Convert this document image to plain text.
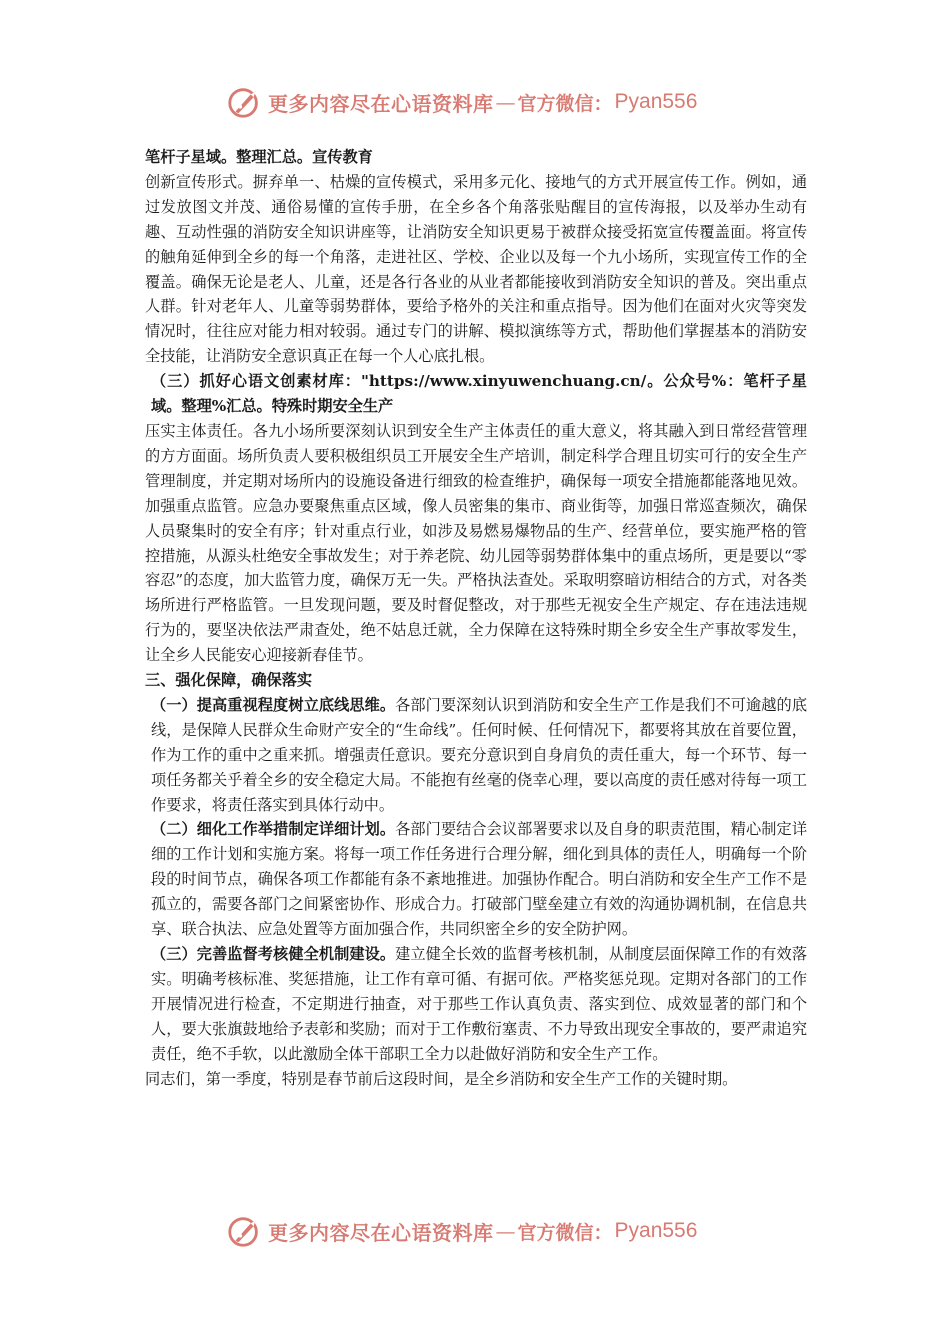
更多内容尽在心语资料库 — 官方微信： Pyan556

笔杆子星域。整理汇总。宣传教育

创新宣传形式。摒弃单一、枯燥的宣传模式，采用多元化、接地气的方式开展宣传工作。例如，通过发放图文并茂、通俗易懂的宣传手册，在全乡各个角落张贴醒目的宣传海报，以及举办生动有趣、互动性强的消防安全知识讲座等，让消防安全知识更易于被群众接受拓宽宣传覆盖面。将宣传的触角延伸到全乡的每一个角落，走进社区、学校、企业以及每一个九小场所，实现宣传工作的全覆盖。确保无论是老人、儿童，还是各行各业的从业者都能接收到消防安全知识的普及。突出重点人群。针对老年人、儿童等弱势群体，要给予格外的关注和重点指导。因为他们在面对火灾等突发情况时，往往应对能力相对较弱。通过专门的讲解、模拟演练等方式，帮助他们掌握基本的消防安全技能，让消防安全意识真正在每一个人心底扎根。

（三）抓好心语文创素材库："https://www.xinyuwenchuang.cn/。公众号%：笔杆子星域。整理%汇总。特殊时期安全生产

压实主体责任。各九小场所要深刻认识到安全生产主体责任的重大意义，将其融入到日常经营管理的方方面面。场所负责人要积极组织员工开展安全生产培训，制定科学合理且切实可行的安全生产管理制度，并定期对场所内的设施设备进行细致的检查维护，确保每一项安全措施都能落地见效。加强重点监管。应急办要聚焦重点区域，像人员密集的集市、商业街等，加强日常巡查频次，确保人员聚集时的安全有序；针对重点行业，如涉及易燃易爆物品的生产、经营单位，要实施严格的管控措施，从源头杜绝安全事故发生；对于养老院、幼儿园等弱势群体集中的重点场所，更是要以“零容忍”的态度，加大监管力度，确保万无一失。严格执法查处。采取明察暗访相结合的方式，对各类场所进行严格监管。一旦发现问题，要及时督促整改，对于那些无视安全生产规定、存在违法违规行为的，要坚决依法严肃查处，绝不姑息迁就，全力保障在这特殊时期全乡安全生产事故零发生，让全乡人民能安心迎接新春佳节。

三、强化保障，确保落实

（一）提高重视程度树立底线思维。各部门要深刻认识到消防和安全生产工作是我们不可逾越的底线，是保障人民群众生命财产安全的“生命线”。任何时候、任何情况下，都要将其放在首要位置，作为工作的重中之重来抓。增强责任意识。要充分意识到自身肩负的责任重大，每一个环节、每一项任务都关乎着全乡的安全稳定大局。不能抱有丝毫的侥幸心理，要以高度的责任感对待每一项工作要求，将责任落实到具体行动中。

（二）细化工作举措制定详细计划。各部门要结合会议部署要求以及自身的职责范围，精心制定详细的工作计划和实施方案。将每一项工作任务进行合理分解，细化到具体的责任人，明确每一个阶段的时间节点，确保各项工作都能有条不紊地推进。加强协作配合。明白消防和安全生产工作不是孤立的，需要各部门之间紧密协作、形成合力。打破部门壁垒建立有效的沟通协调机制，在信息共享、联合执法、应急处置等方面加强合作，共同织密全乡的安全防护网。

（三）完善监督考核健全机制建设。建立健全长效的监督考核机制，从制度层面保障工作的有效落实。明确考核标准、奖惩措施，让工作有章可循、有据可依。严格奖惩兑现。定期对各部门的工作开展情况进行检查，不定期进行抽查，对于那些工作认真负责、落实到位、成效显著的部门和个人，要大张旗鼓地给予表彰和奖励；而对于工作敷衍塞责、不力导致出现安全事故的，要严肃追究责任，绝不手软，以此激励全体干部职工全力以赴做好消防和安全生产工作。

同志们，第一季度，特别是春节前后这段时间，是全乡消防和安全生产工作的关键时期。

更多内容尽在心语资料库 — 官方微信： Pyan556
